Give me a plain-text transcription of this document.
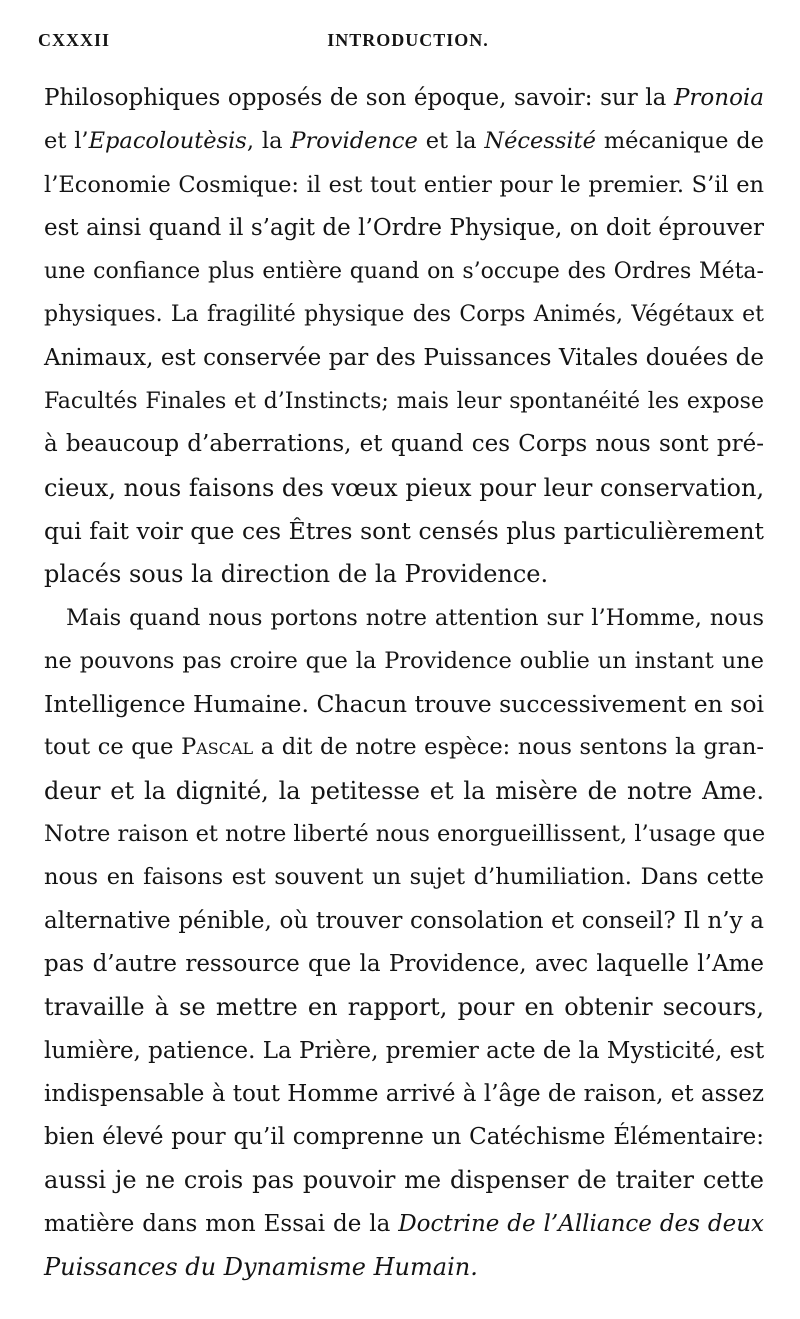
CXXXII	INTRODUCTION.
Philosophiques opposés de son époque, savoir: sur la Pronoia
et l’Epacoloutèsis, la Providence et la Nécessité mécanique de
l’Economie Cosmique: il est tout entier pour le premier. S’il en
est ainsi quand il s’agit de l’Ordre Physique, on doit éprouver
une confiance plus entière quand on s’occupe des Ordres Méta-
physiques. La fragilité physique des Corps Animés, Végétaux et
Animaux, est conservée par des Puissances Vitales douées de
Facultés Finales et d’Instincts; mais leur spontanéité les expose
à beaucoup d’aberrations, et quand ces Corps nous sont pré-
cieux, nous faisons des vœux pieux pour leur conservation,
qui fait voir que ces Êtres sont censés plus particulièrement
placés sous la direction de la Providence.
Mais quand nous portons notre attention sur l’Homme, nous
ne pouvons pas croire que la Providence oublie un instant une
Intelligence Humaine. Chacun trouve successivement en soi
tout ce que Pascal a dit de notre espèce: nous sentons la gran-
deur et la dignité, la petitesse et la misère de notre Ame.
Notre raison et notre liberté nous enorgueillissent, l’usage que
nous en faisons est souvent un sujet d’humiliation. Dans cette
alternative pénible, où trouver consolation et conseil? Il n’y a
pas d’autre ressource que la Providence, avec laquelle l’Ame
travaille à se mettre en rapport, pour en obtenir secours,
lumière, patience. La Prière, premier acte de la Mysticité, est
indispensable à tout Homme arrivé à l’âge de raison, et assez
bien élevé pour qu’il comprenne un Catéchisme Élémentaire:
aussi je ne crois pas pouvoir me dispenser de traiter cette
matière dans mon Essai de la Doctrine de l’Alliance des deux
Puissances du Dynamisme Humain.
